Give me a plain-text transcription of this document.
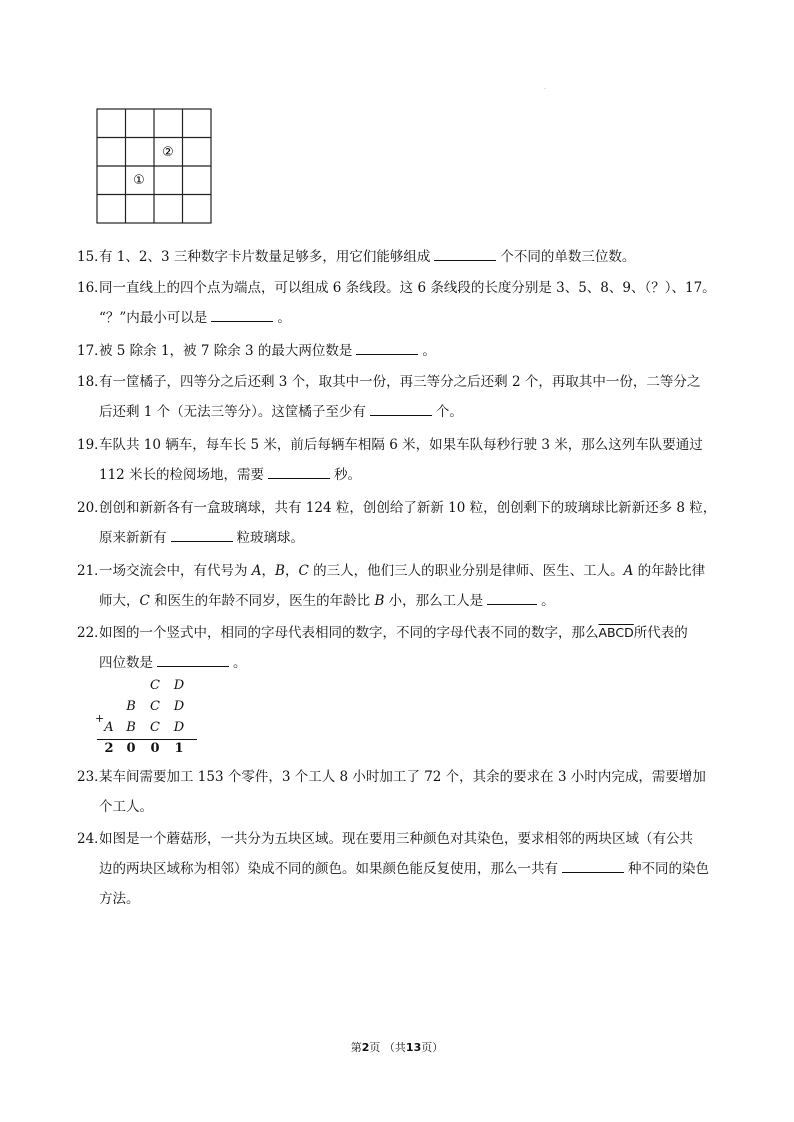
.
②
①
15．有 1、2、3 三种数字卡片数量足够多，用它们能够组成	个不同的单数三位数。
16．同一直线上的四个点为端点，可以组成 6 条线段。这 6 条线段的长度分别是 3、5、8、9、（？）、17。
“？”内最小可以是	。
17．被 5 除余 1，被 7 除余 3 的最大两位数是	。
18．有一筐橘子，四等分之后还剩 3 个，取其中一份，再三等分之后还剩 2 个，再取其中一份，二等分之
后还剩 1 个（无法三等分）。这筐橘子至少有	个。
19．车队共 10 辆车，每车长 5 米，前后每辆车相隔 6 米，如果车队每秒行驶 3 米，那么这列车队要通过
112 米长的检阅场地，需要	秒。
20．创创和新新各有一盒玻璃球，共有 124 粒，创创给了新新 10 粒，创创剩下的玻璃球比新新还多 8 粒，
原来新新有	粒玻璃球。
21．一场交流会中，有代号为 A，B，C 的三人，他们三人的职业分别是律师、医生、工人。A 的年龄比律
师大，C 和医生的年龄不同岁，医生的年龄比 B 小，那么工人是	。
22．如图的一个竖式中，相同的字母代表相同的数字，不同的字母代表不同的数字，那么ABCD所代表的
四位数是	。
C D
B C D
+
A B C D
2 0 0 1
23．某车间需要加工 153 个零件，3 个工人 8 小时加工了 72 个，其余的要求在 3 小时内完成，需要增加
个工人。
24．如图是一个蘑菇形，一共分为五块区域。现在要用三种颜色对其染色，要求相邻的两块区域（有公共
边的两块区域称为相邻）染成不同的颜色。如果颜色能反复使用，那么一共有	种不同的染色
方法。
第2页 （共13页）
